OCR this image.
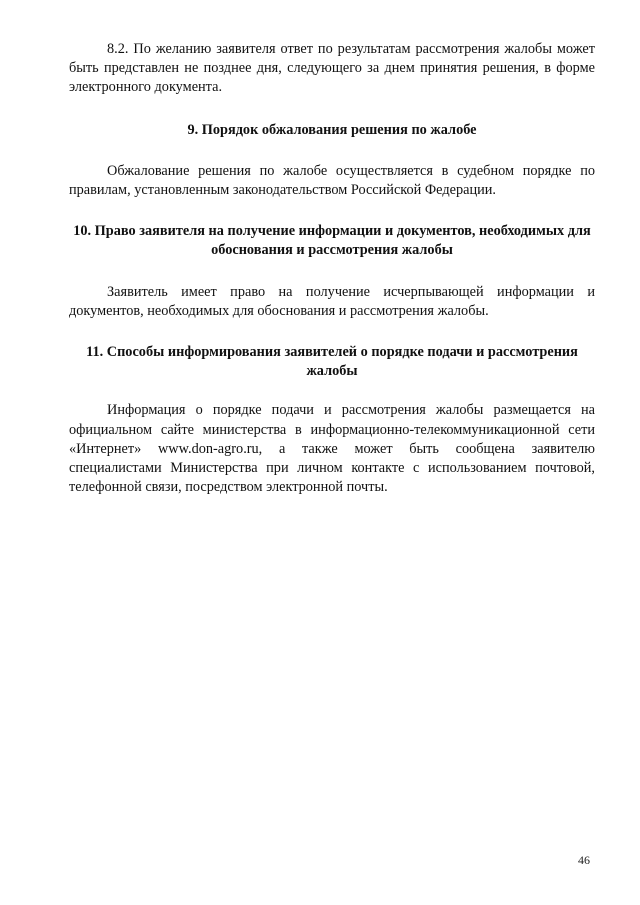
8.2. По желанию заявителя ответ по результатам рассмотрения жалобы может быть представлен не позднее дня, следующего за днем принятия решения, в форме электронного документа.

9. Порядок обжалования решения по жалобе

Обжалование решения по жалобе осуществляется в судебном порядке по правилам, установленным законодательством Российской Федерации.

10. Право заявителя на получение информации и документов, необходимых для обоснования и рассмотрения жалобы

Заявитель имеет право на получение исчерпывающей информации и документов, необходимых для обоснования и рассмотрения жалобы.

11. Способы информирования заявителей о порядке подачи и рассмотрения жалобы

Информация о порядке подачи и рассмотрения жалобы размещается на официальном сайте министерства в информационно-телекоммуникационной сети «Интернет» www.don-agro.ru, а также может быть сообщена заявителю специалистами Министерства при личном контакте с использованием почтовой, телефонной связи, посредством электронной почты.

46
